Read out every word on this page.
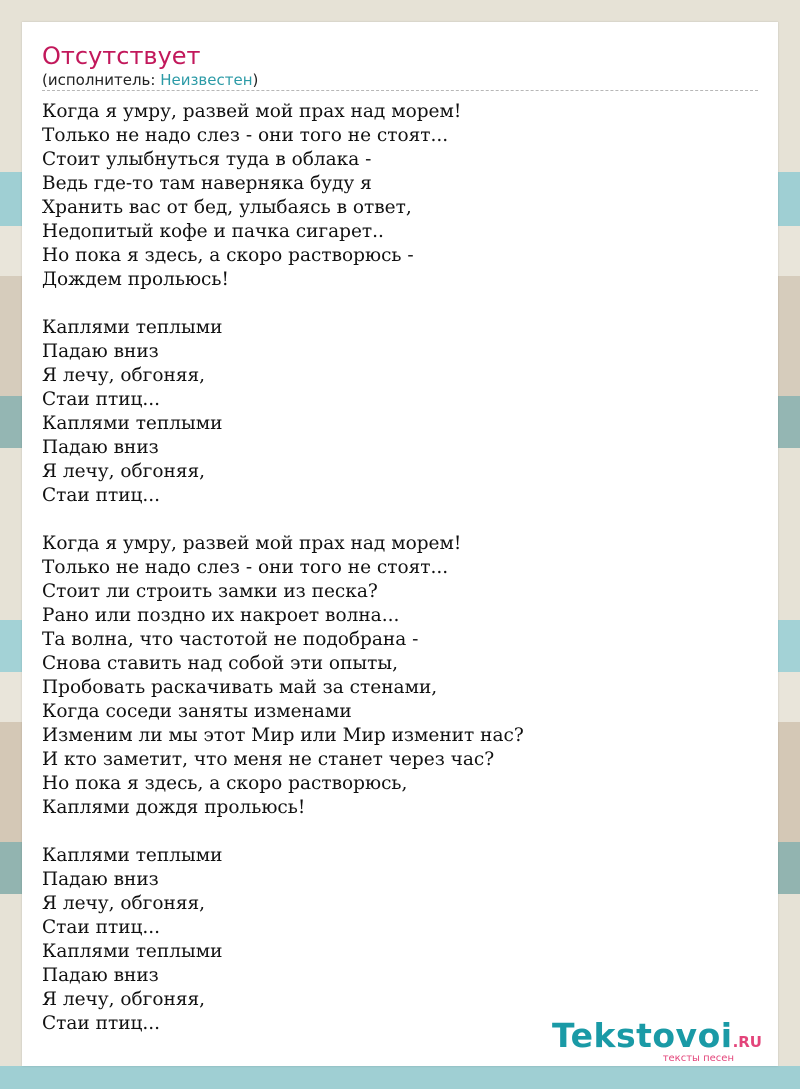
Отсутствует
(исполнитель: Неизвестен)
Когда я умру, развей мой прах над морем!
Только не надо слез - они того не стоят...
Стоит улыбнуться туда в облака -
Ведь где-то там наверняка буду я
Хранить вас от бед, улыбаясь в ответ,
Недопитый кофе и пачка сигарет..
Но пока я здесь, а скоро растворюсь -
Дождем прольюсь!

Каплями теплыми
Падаю вниз
Я лечу, обгоняя,
Стаи птиц...
Каплями теплыми
Падаю вниз
Я лечу, обгоняя,
Стаи птиц...

Когда я умру, развей мой прах над морем!
Только не надо слез - они того не стоят...
Стоит ли строить замки из песка?
Рано или поздно их накроет волна...
Та волна, что частотой не подобрана -
Снова ставить над собой эти опыты,
Пробовать раскачивать май за стенами,
Когда соседи заняты изменами
Изменим ли мы этот Мир или Мир изменит нас?
И кто заметит, что меня не станет через час?
Но пока я здесь, а скоро растворюсь,
Каплями дождя прольюсь!

Каплями теплыми
Падаю вниз
Я лечу, обгоняя,
Стаи птиц...
Каплями теплыми
Падаю вниз
Я лечу, обгоняя,
Стаи птиц...	Tekstovoi.RU
тексты песен
